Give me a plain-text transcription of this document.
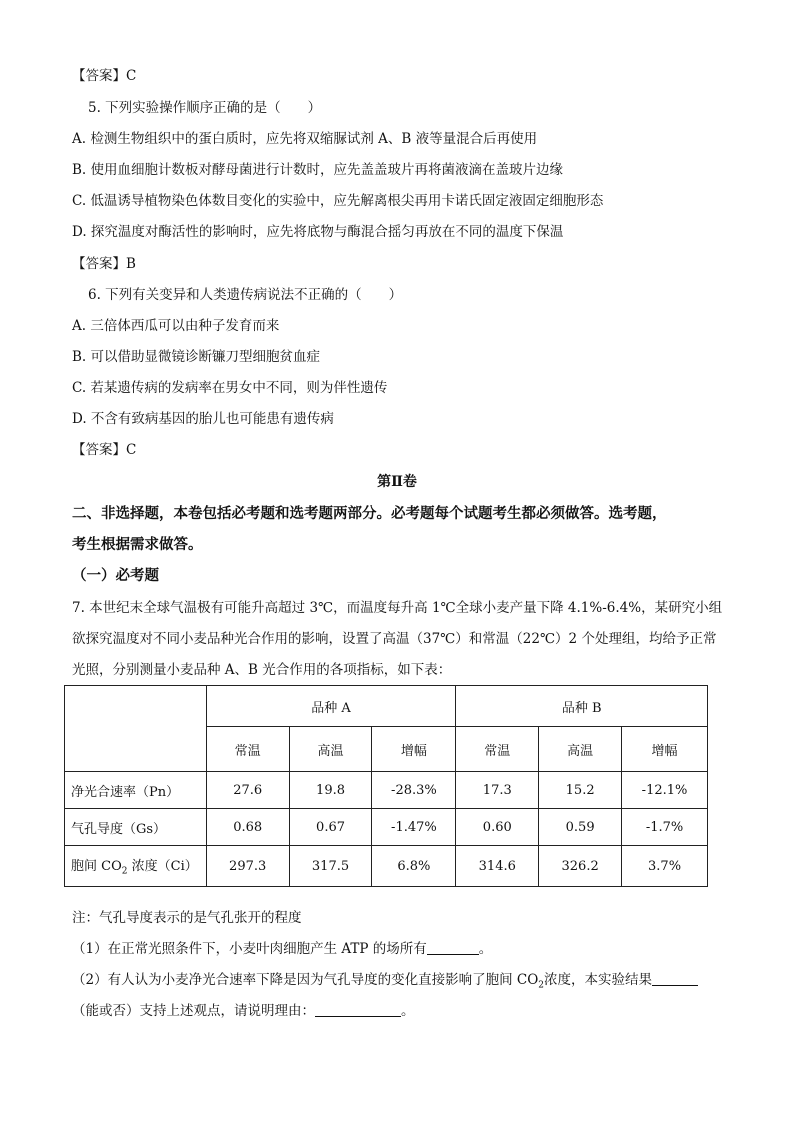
【答案】C
5. 下列实验操作顺序正确的是（　　）
A. 检测生物组织中的蛋白质时，应先将双缩脲试剂 A、B 液等量混合后再使用
B. 使用血细胞计数板对酵母菌进行计数时，应先盖盖玻片再将菌液滴在盖玻片边缘
C. 低温诱导植物染色体数目变化的实验中，应先解离根尖再用卡诺氏固定液固定细胞形态
D. 探究温度对酶活性的影响时，应先将底物与酶混合摇匀再放在不同的温度下保温
【答案】B
6. 下列有关变异和人类遗传病说法不正确的（　　）
A. 三倍体西瓜可以由种子发育而来
B. 可以借助显微镜诊断镰刀型细胞贫血症
C. 若某遗传病的发病率在男女中不同，则为伴性遗传
D. 不含有致病基因的胎儿也可能患有遗传病
【答案】C
第Ⅱ卷
二、非选择题，本卷包括必考题和选考题两部分。必考题每个试题考生都必须做答。选考题，
考生根据需求做答。
（一）必考题
7. 本世纪末全球气温极有可能升高超过 3℃，而温度每升高 1℃全球小麦产量下降 4.1%-6.4%，某研究小组
欲探究温度对不同小麦品种光合作用的影响，设置了高温（37℃）和常温（22℃）2 个处理组，均给予正常
光照，分别测量小麦品种 A、B 光合作用的各项指标，如下表：
	品种 A			品种 B		
	常温	高温	增幅	常温	高温	增幅
净光合速率（Pn）	27.6	19.8	-28.3%	17.3	15.2	-12.1%
气孔导度（Gs）	0.68	0.67	-1.47%	0.60	0.59	-1.7%
胞间 $CO_2$ 浓度（Ci）	297.3	317.5	6.8%	314.6	326.2	3.7%
注：气孔导度表示的是气孔张开的程度
（1）在正常光照条件下，小麦叶肉细胞产生 ATP 的场所有	。
（2）有人认为小麦净光合速率下降是因为气孔导度的变化直接影响了胞间 $CO_2$浓度，本实验结果
（能或否）支持上述观点，请说明理由：	。
